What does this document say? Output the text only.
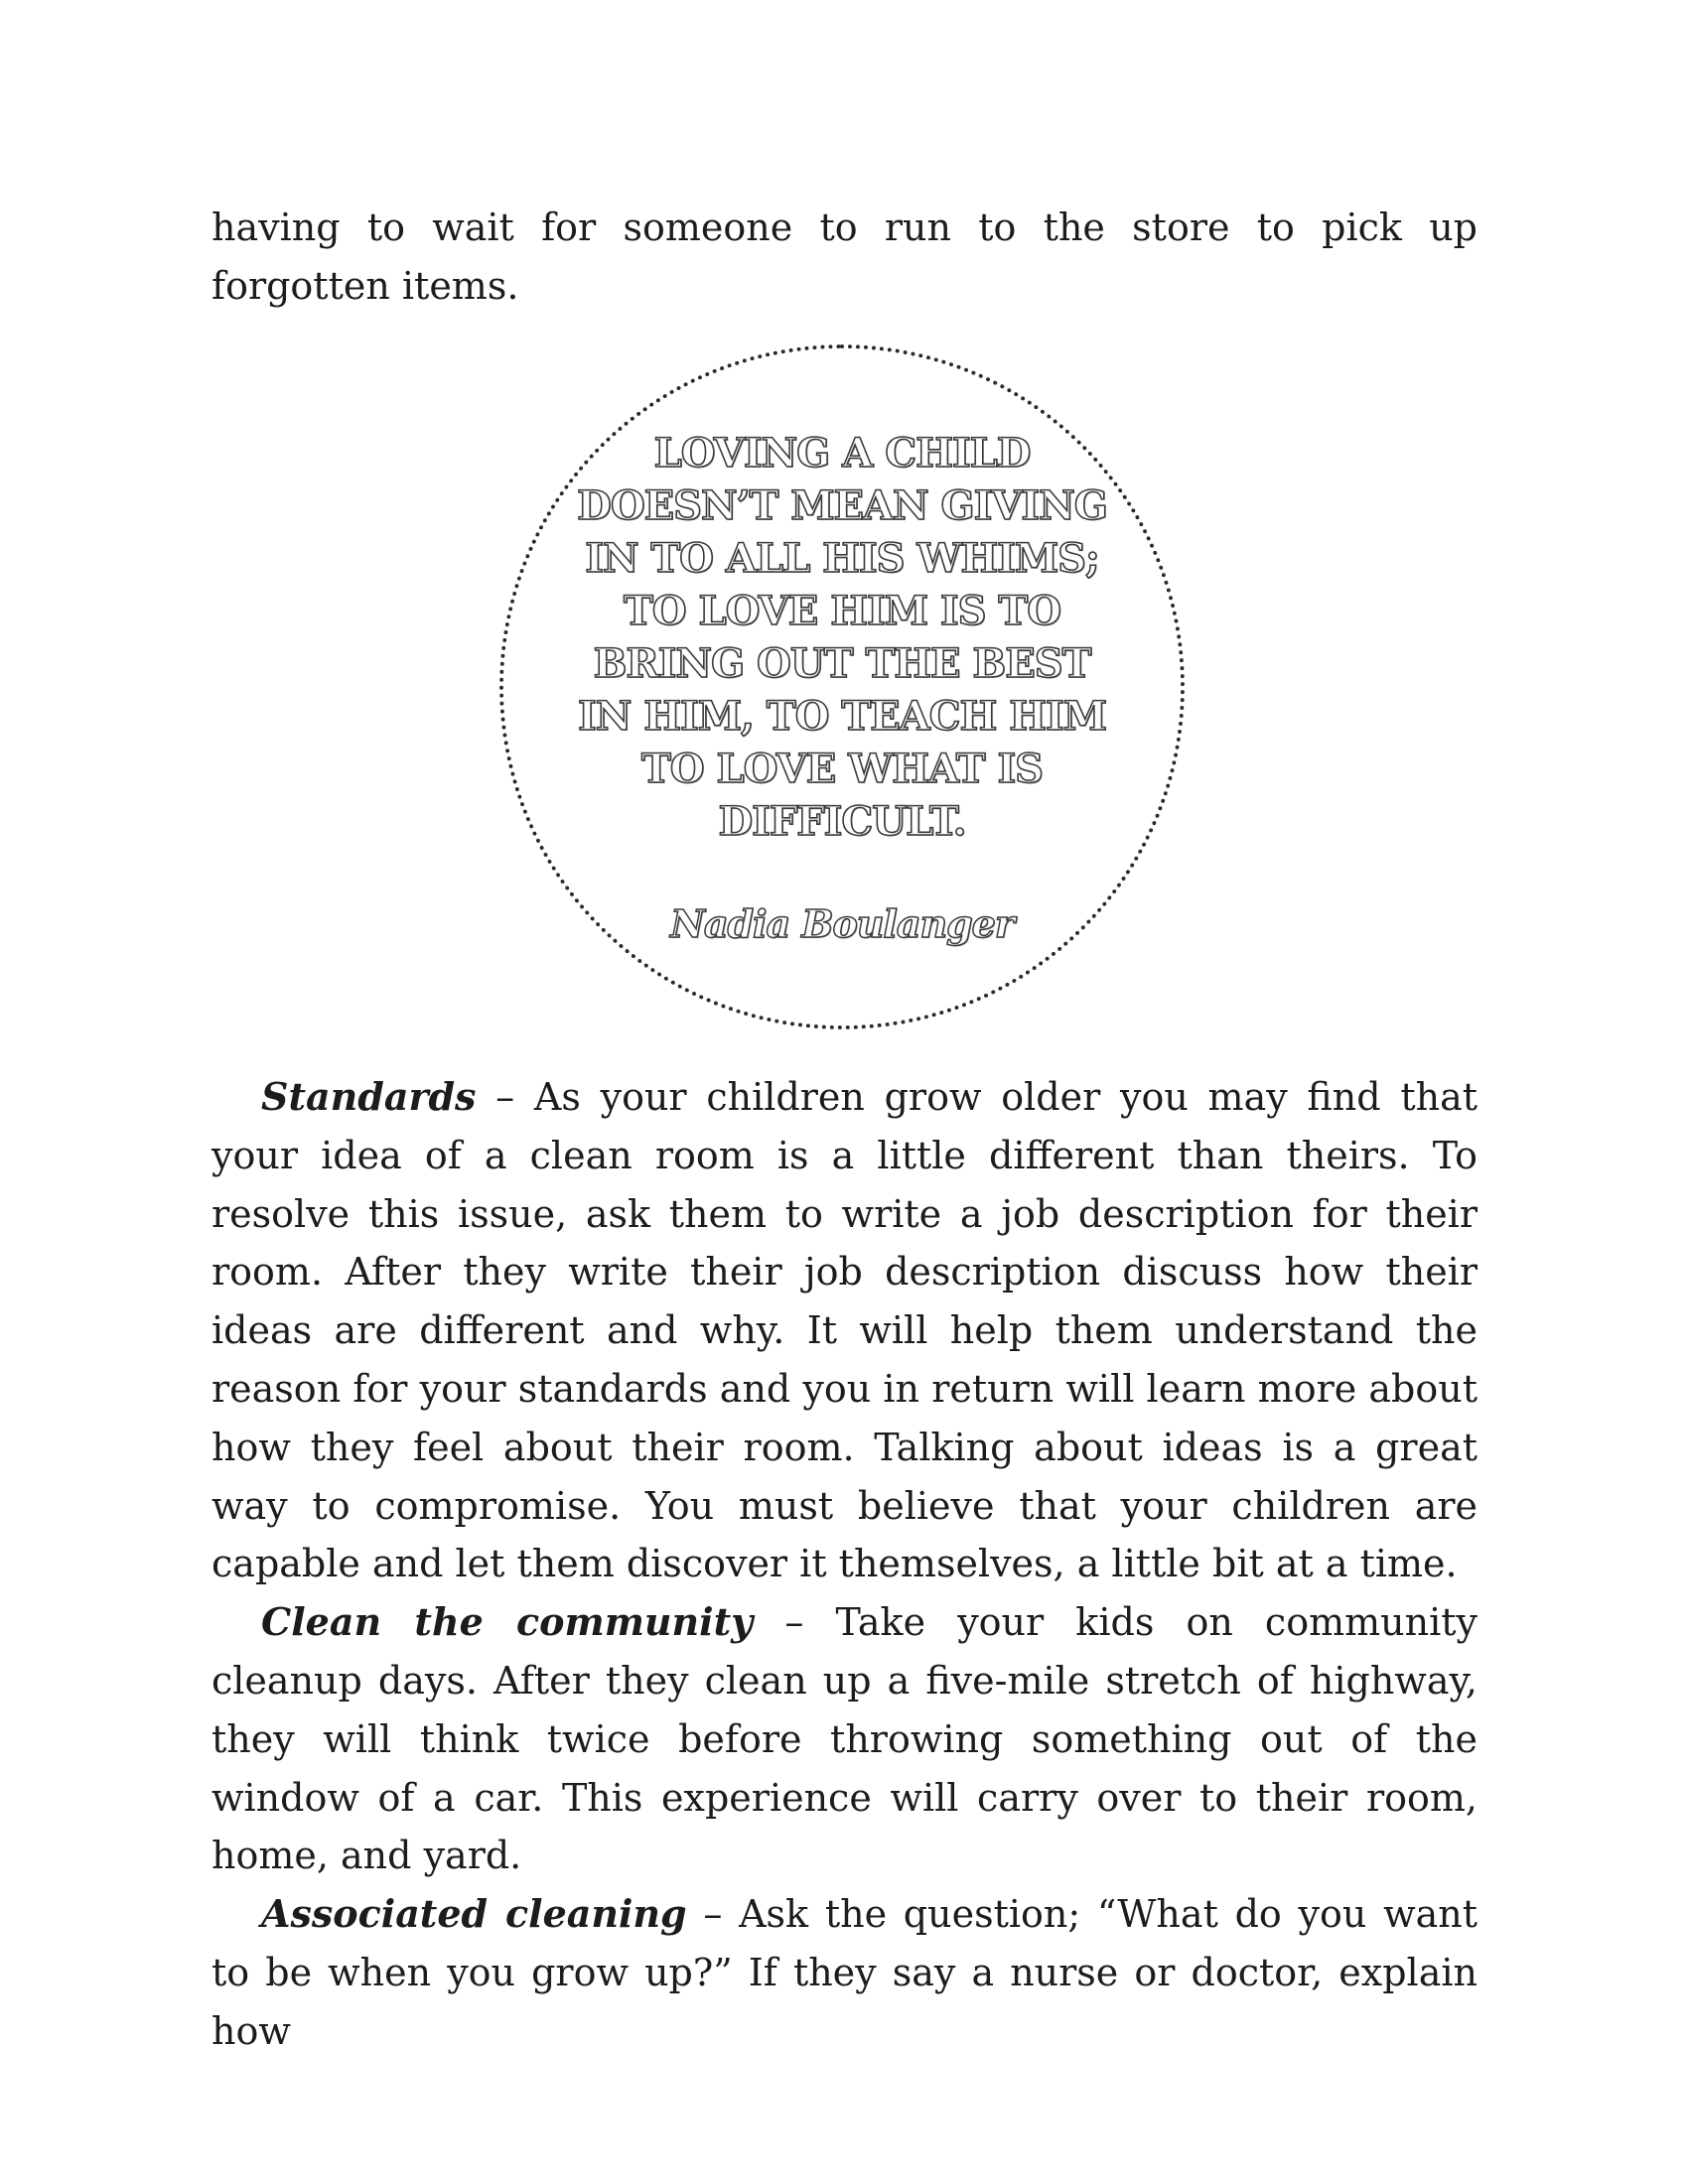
having to wait for someone to run to the store to pick up forgotten items.

LOVING A CHILD
DOESN’T MEAN GIVING
IN TO ALL HIS WHIMS;
TO LOVE HIM IS TO
BRING OUT THE BEST
IN HIM, TO TEACH HIM
TO LOVE WHAT IS
DIFFICULT.
Nadia Boulanger

Standards – As your children grow older you may find that your idea of a clean room is a little different than theirs. To resolve this issue, ask them to write a job description for their room. After they write their job description discuss how their ideas are different and why. It will help them understand the reason for your standards and you in return will learn more about how they feel about their room. Talking about ideas is a great way to compromise. You must believe that your children are capable and let them discover it themselves, a little bit at a time.

Clean the community – Take your kids on community cleanup days. After they clean up a five-mile stretch of highway, they will think twice before throwing something out of the window of a car. This experience will carry over to their room, home, and yard.

Associated cleaning – Ask the question; “What do you want to be when you grow up?” If they say a nurse or doctor, explain how
